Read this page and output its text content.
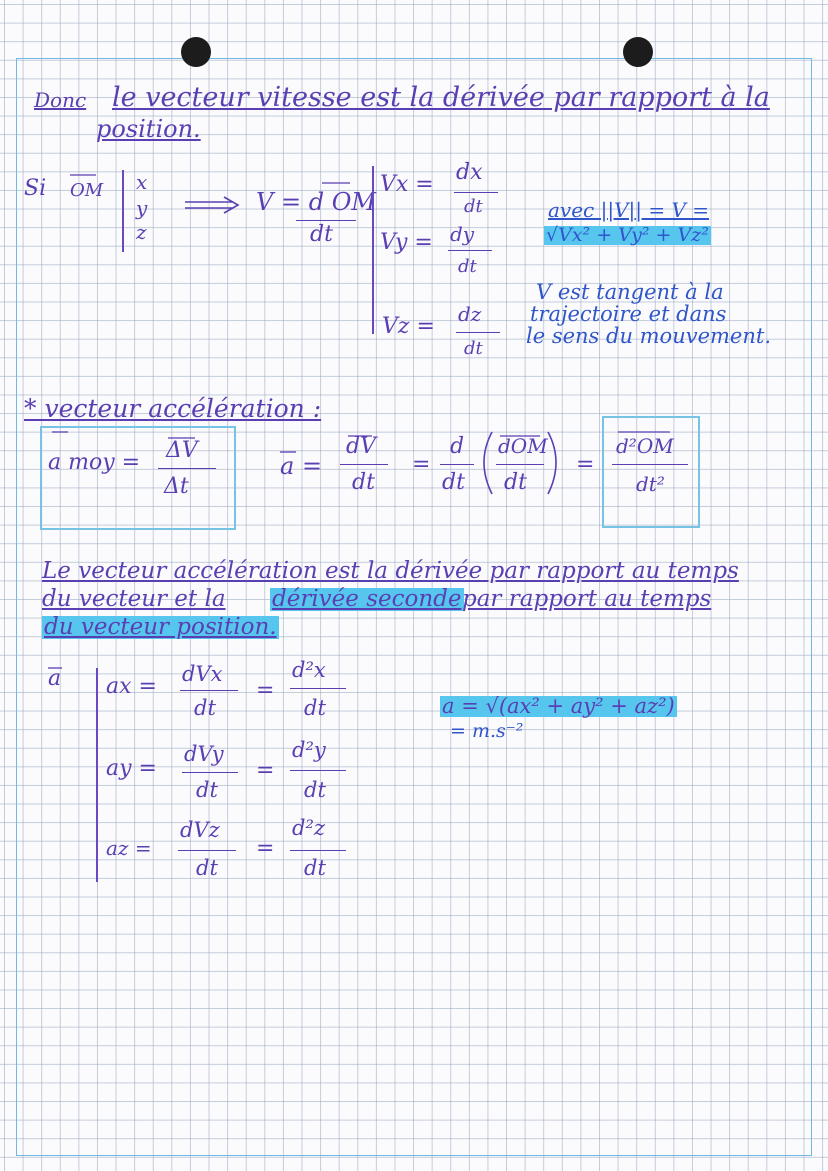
Donc le vecteur vitesse est la dérivée par rapport à la
position.
Si OM x
y
z
V = d OM
dt
Vx = dx
dt
Vy = dy
dt
Vz = dz
dt
avec ||V|| = V =
√Vx² + Vy² + Vz²
V est tangent à la
trajectoire et dans
le sens du mouvement.
* vecteur accélération :
a moy = ΔV
Δt
a =
dV
dt
=
d
dt
dOM
dt
=
d²OM
dt²
Le vecteur accélération est la dérivée par rapport au temps
du vecteur et la dérivée seconde par rapport au temps
du vecteur position.
a ax = dVx
dt
=
d²x
dt
ay =
dVy
dt
=
d²y
dt
az =
dVz
dt
=
d²z
dt
a = √(ax² + ay² + az²)
= m.s⁻²
